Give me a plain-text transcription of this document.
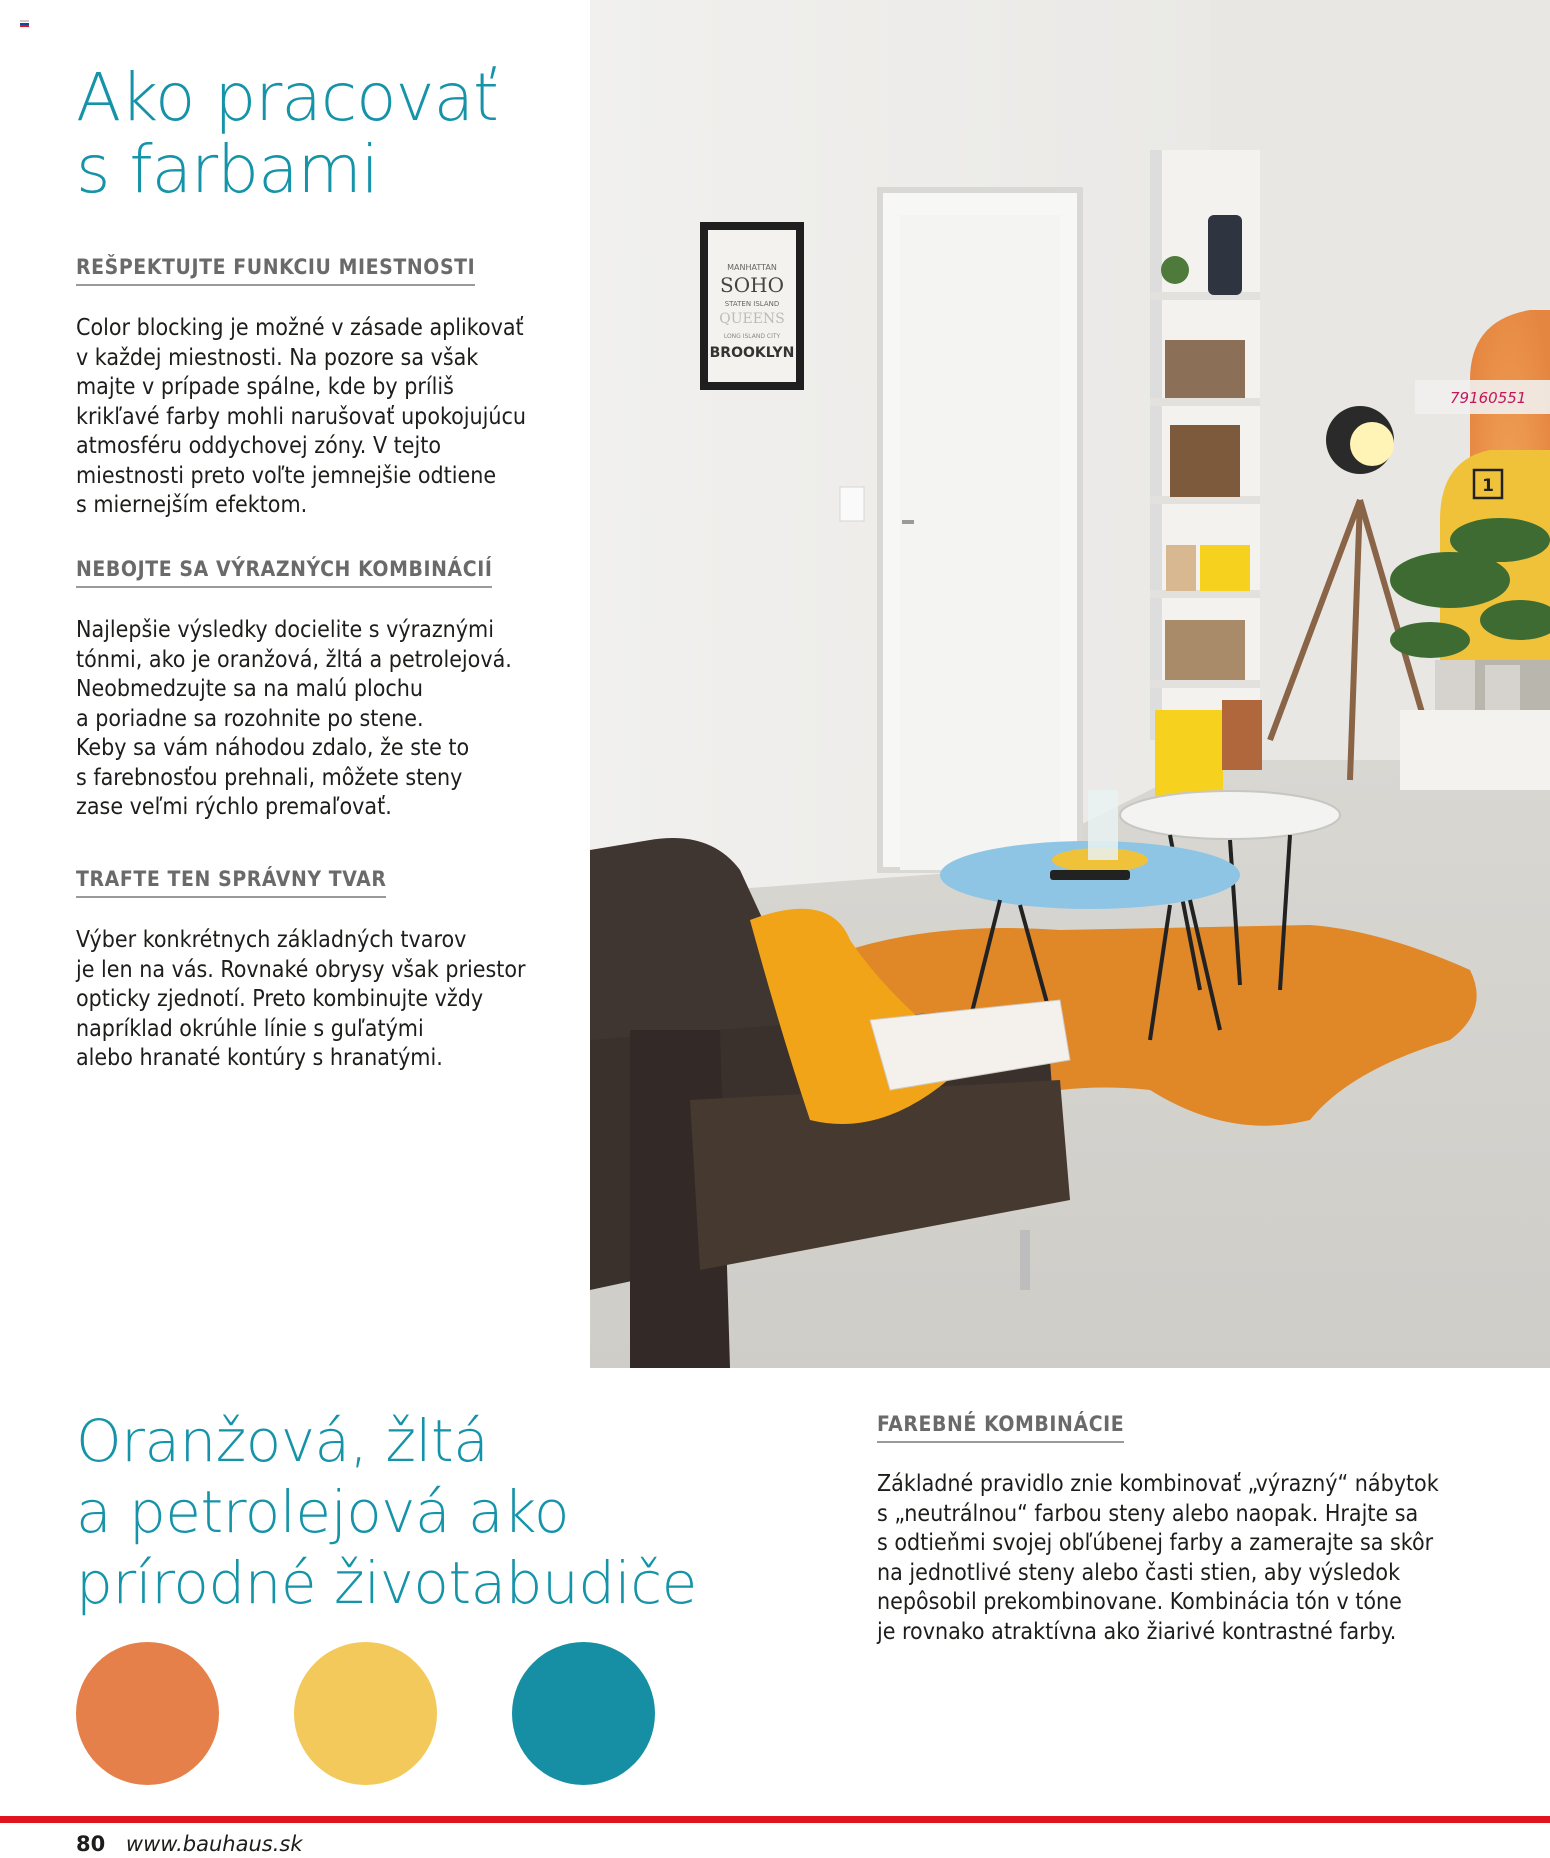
Ako pracovať
s farbami
REŠPEKTUJTE FUNKCIU MIESTNOSTI

Color blocking je možné v zásade aplikovať
v každej miestnosti. Na pozore sa však
majte v prípade spálne, kde by príliš
krikľavé farby mohli narušovať upokojujúcu
atmosféru oddychovej zóny. V tejto
miestnosti preto voľte jemnejšie odtiene
s miernejším efektom.

NEBOJTE SA VÝRAZNÝCH KOMBINÁCIÍ

Najlepšie výsledky docielite s výraznými
tónmi, ako je oranžová, žltá a petrolejová.
Neobmedzujte sa na malú plochu
a poriadne sa rozohnite po stene.
Keby sa vám náhodou zdalo, že ste to
s farebnosťou prehnali, môžete steny
zase veľmi rýchlo premaľovať.

TRAFTE TEN SPRÁVNY TVAR

Výber konkrétnych základných tvarov
je len na vás. Rovnaké obrysy však priestor
opticky zjednotí. Preto kombinujte vždy
napríklad okrúhle línie s guľatými
alebo hranaté kontúry s hranatými.

MANHATTAN
SOHO
STATEN ISLAND
QUEENS
LONG ISLAND CITY
BROOKLYN
79160551
1
Oranžová, žltá
a petrolejová ako
prírodné životabudiče
FAREBNÉ KOMBINÁCIE

Základné pravidlo znie kombinovať „výrazný“ nábytok
s „neutrálnou“ farbou steny alebo naopak. Hrajte sa
s odtieňmi svojej obľúbenej farby a zamerajte sa skôr
na jednotlivé steny alebo časti stien, aby výsledok
nepôsobil prekombinovane. Kombinácia tón v tóne
je rovnako atraktívna ako žiarivé kontrastné farby.

80 www.bauhaus.sk
